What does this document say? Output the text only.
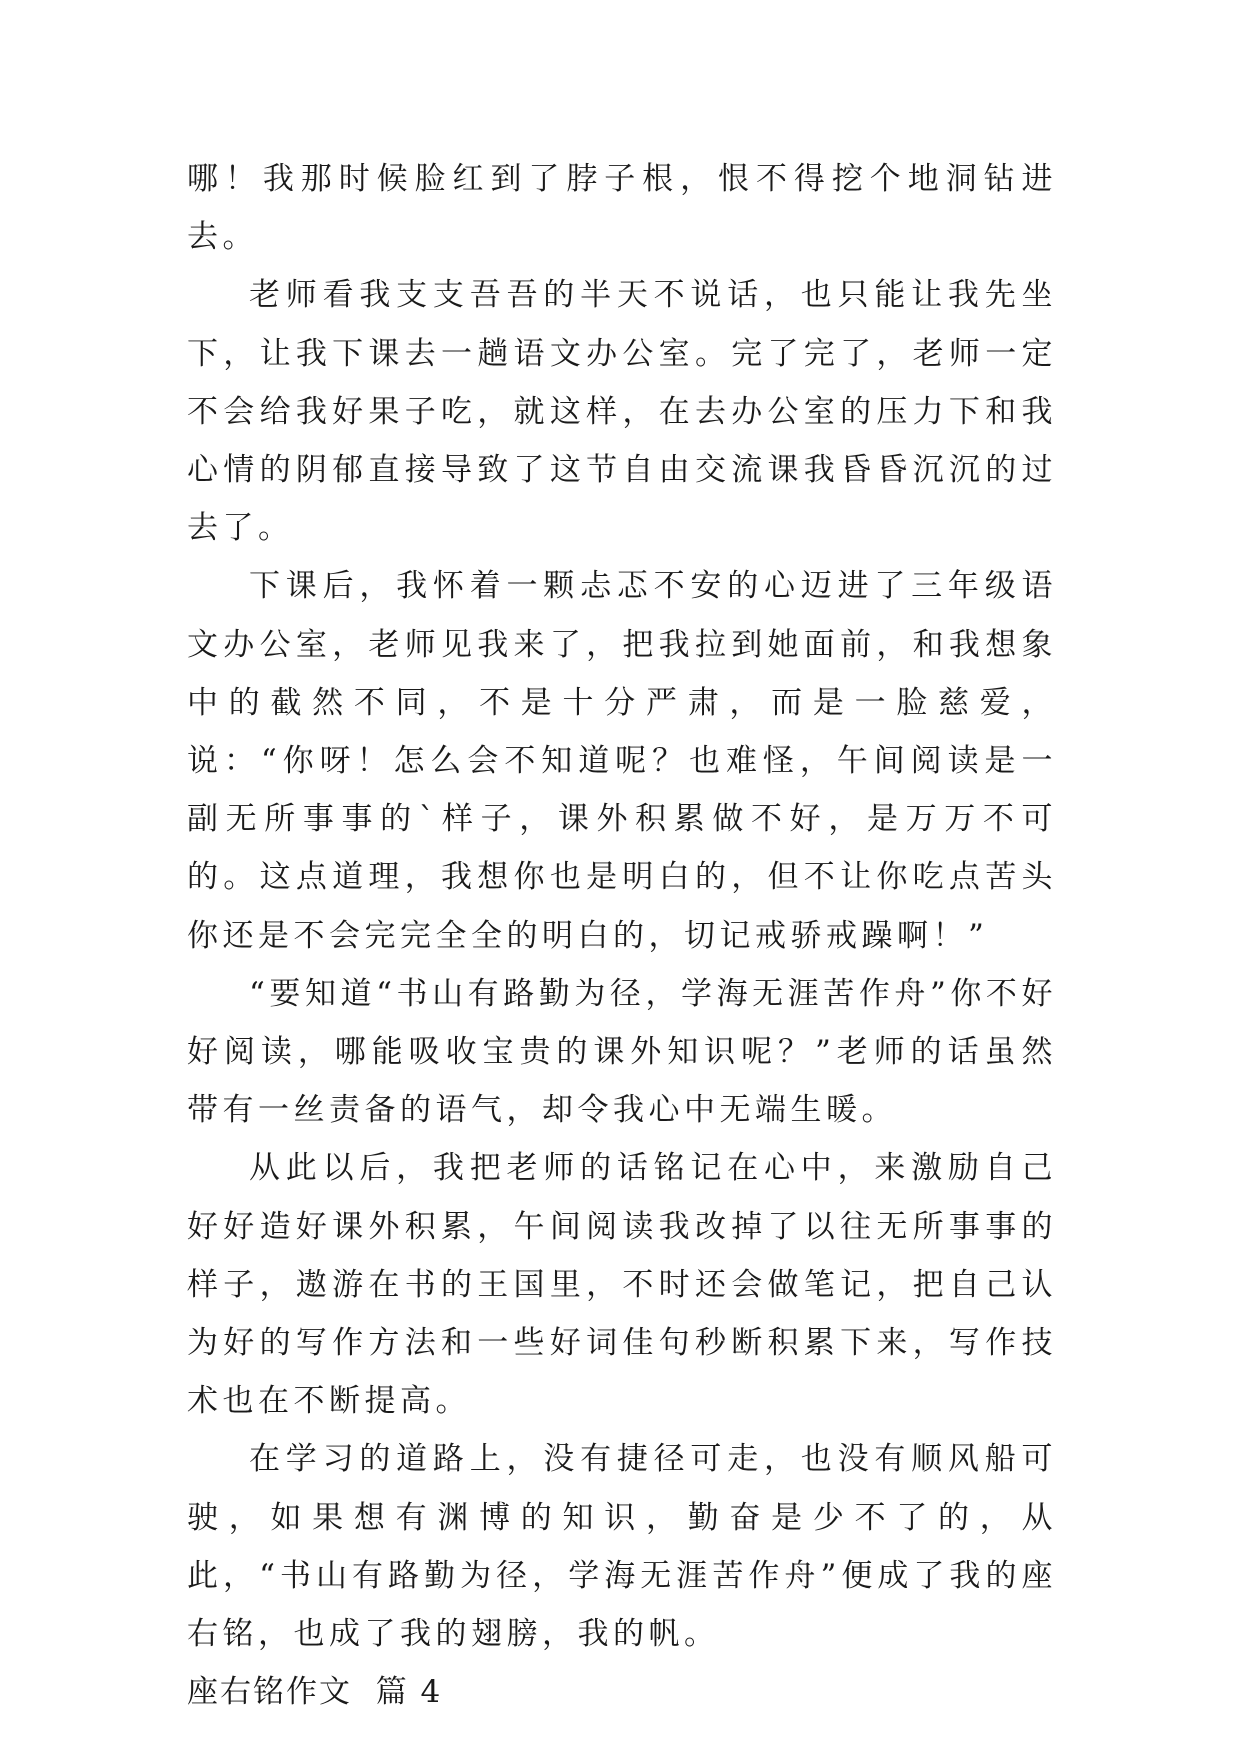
哪！我那时候脸红到了脖子根，恨不得挖个地洞钻进去。

老师看我支支吾吾的半天不说话，也只能让我先坐下，让我下课去一趟语文办公室。完了完了，老师一定不会给我好果子吃，就这样，在去办公室的压力下和我心情的阴郁直接导致了这节自由交流课我昏昏沉沉的过去了。

下课后，我怀着一颗忐忑不安的心迈进了三年级语文办公室，老师见我来了，把我拉到她面前，和我想象中的截然不同，不是十分严肃，而是一脸慈爱，说：“你呀！怎么会不知道呢？也难怪，午间阅读是一副无所事事的`样子，课外积累做不好，是万万不可的。这点道理，我想你也是明白的，但不让你吃点苦头你还是不会完完全全的明白的，切记戒骄戒躁啊！”

“要知道“书山有路勤为径，学海无涯苦作舟”你不好好阅读，哪能吸收宝贵的课外知识呢？”老师的话虽然带有一丝责备的语气，却令我心中无端生暖。

从此以后，我把老师的话铭记在心中，来激励自己好好造好课外积累，午间阅读我改掉了以往无所事事的样子，遨游在书的王国里，不时还会做笔记，把自己认为好的写作方法和一些好词佳句秒断积累下来，写作技术也在不断提高。

在学习的道路上，没有捷径可走，也没有顺风船可驶，如果想有渊博的知识，勤奋是少不了的，从此，“书山有路勤为径，学海无涯苦作舟”便成了我的座右铭，也成了我的翅膀，我的帆。

座右铭作文  篇 4
